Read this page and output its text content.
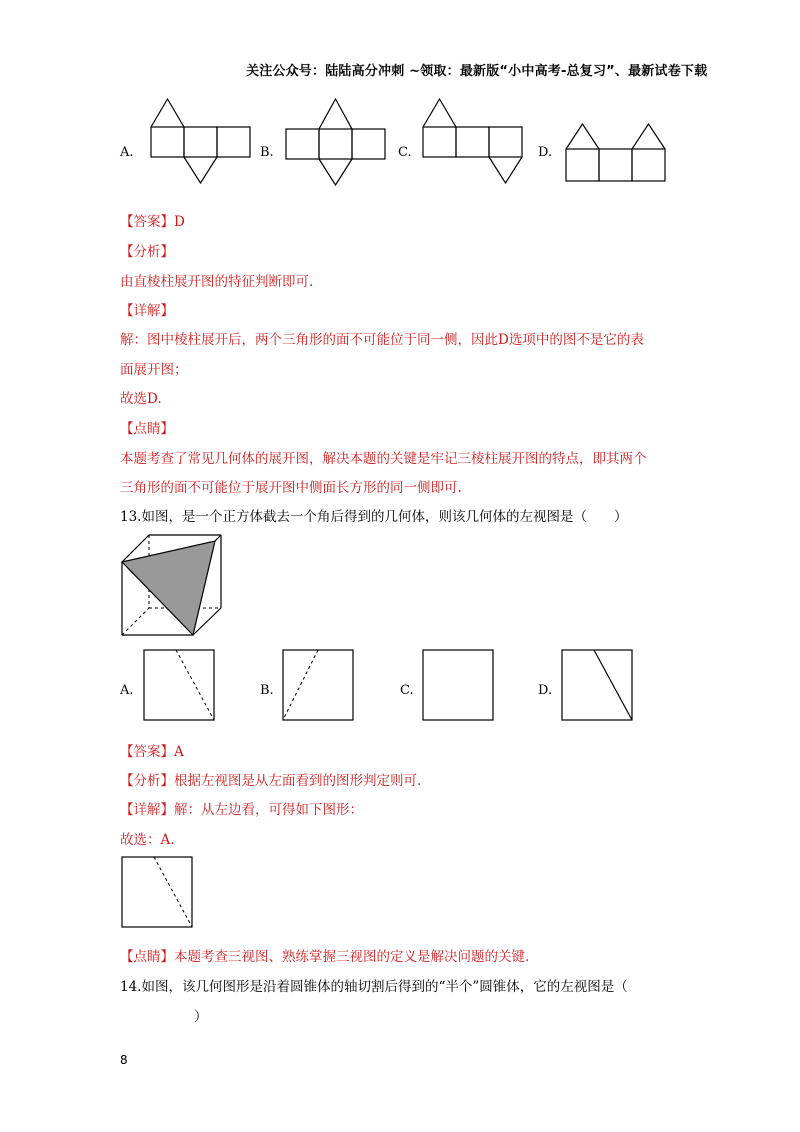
关注公众号：陆陆高分冲刺 ~领取：最新版“小中高考-总复习”、最新试卷下载
A.	B.	C.	D.
【答案】D
【分析】
由直棱柱展开图的特征判断即可.
【详解】
解：图中棱柱展开后，两个三角形的面不可能位于同一侧，因此D选项中的图不是它的表
面展开图；
故选D.
【点睛】
本题考查了常见几何体的展开图，解决本题的关键是牢记三棱柱展开图的特点，即其两个
三角形的面不可能位于展开图中侧面长方形的同一侧即可.
13.如图，是一个正方体截去一个角后得到的几何体，则该几何体的左视图是（　　）
A.	B.	C.	D.
【答案】A
【分析】根据左视图是从左面看到的图形判定则可.
【详解】解：从左边看，可得如下图形：
故选：A.
【点睛】本题考查三视图、熟练掌握三视图的定义是解决问题的关键.
14.如图，该几何图形是沿着圆锥体的轴切割后得到的“半个”圆锥体，它的左视图是（
）
8
